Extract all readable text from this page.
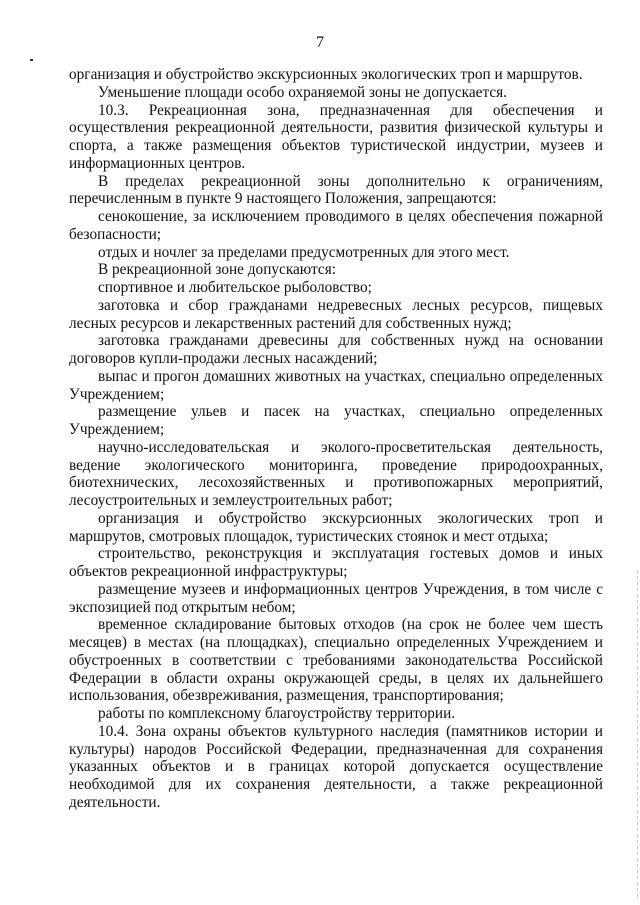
7

организация и обустройство экскурсионных экологических троп и маршрутов.

Уменьшение площади особо охраняемой зоны не допускается.

10.3. Рекреационная зона, предназначенная для обеспечения и осуществления рекреационной деятельности, развития физической культуры и спорта, а также размещения объектов туристической индустрии, музеев и информационных центров.

В пределах рекреационной зоны дополнительно к ограничениям, перечисленным в пункте 9 настоящего Положения, запрещаются:

сенокошение, за исключением проводимого в целях обеспечения пожарной безопасности;

отдых и ночлег за пределами предусмотренных для этого мест.

В рекреационной зоне допускаются:

спортивное и любительское рыболовство;

заготовка и сбор гражданами недревесных лесных ресурсов, пищевых лесных ресурсов и лекарственных растений для собственных нужд;

заготовка гражданами древесины для собственных нужд на основании договоров купли-продажи лесных насаждений;

выпас и прогон домашних животных на участках, специально определенных Учреждением;

размещение ульев и пасек на участках, специально определенных Учреждением;

научно-исследовательская и эколого-просветительская деятельность, ведение экологического мониторинга, проведение природоохранных, биотехнических, лесохозяйственных и противопожарных мероприятий, лесоустроительных и землеустроительных работ;

организация и обустройство экскурсионных экологических троп и маршрутов, смотровых площадок, туристических стоянок и мест отдыха;

строительство, реконструкция и эксплуатация гостевых домов и иных объектов рекреационной инфраструктуры;

размещение музеев и информационных центров Учреждения, в том числе с экспозицией под открытым небом;

временное складирование бытовых отходов (на срок не более чем шесть месяцев) в местах (на площадках), специально определенных Учреждением и обустроенных в соответствии с требованиями законодательства Российской Федерации в области охраны окружающей среды, в целях их дальнейшего использования, обезвреживания, размещения, транспортирования;

работы по комплексному благоустройству территории.

10.4. Зона охраны объектов культурного наследия (памятников истории и культуры) народов Российской Федерации, предназначенная для сохранения указанных объектов и в границах которой допускается осуществление необходимой для их сохранения деятельности, а также рекреационной деятельности.
